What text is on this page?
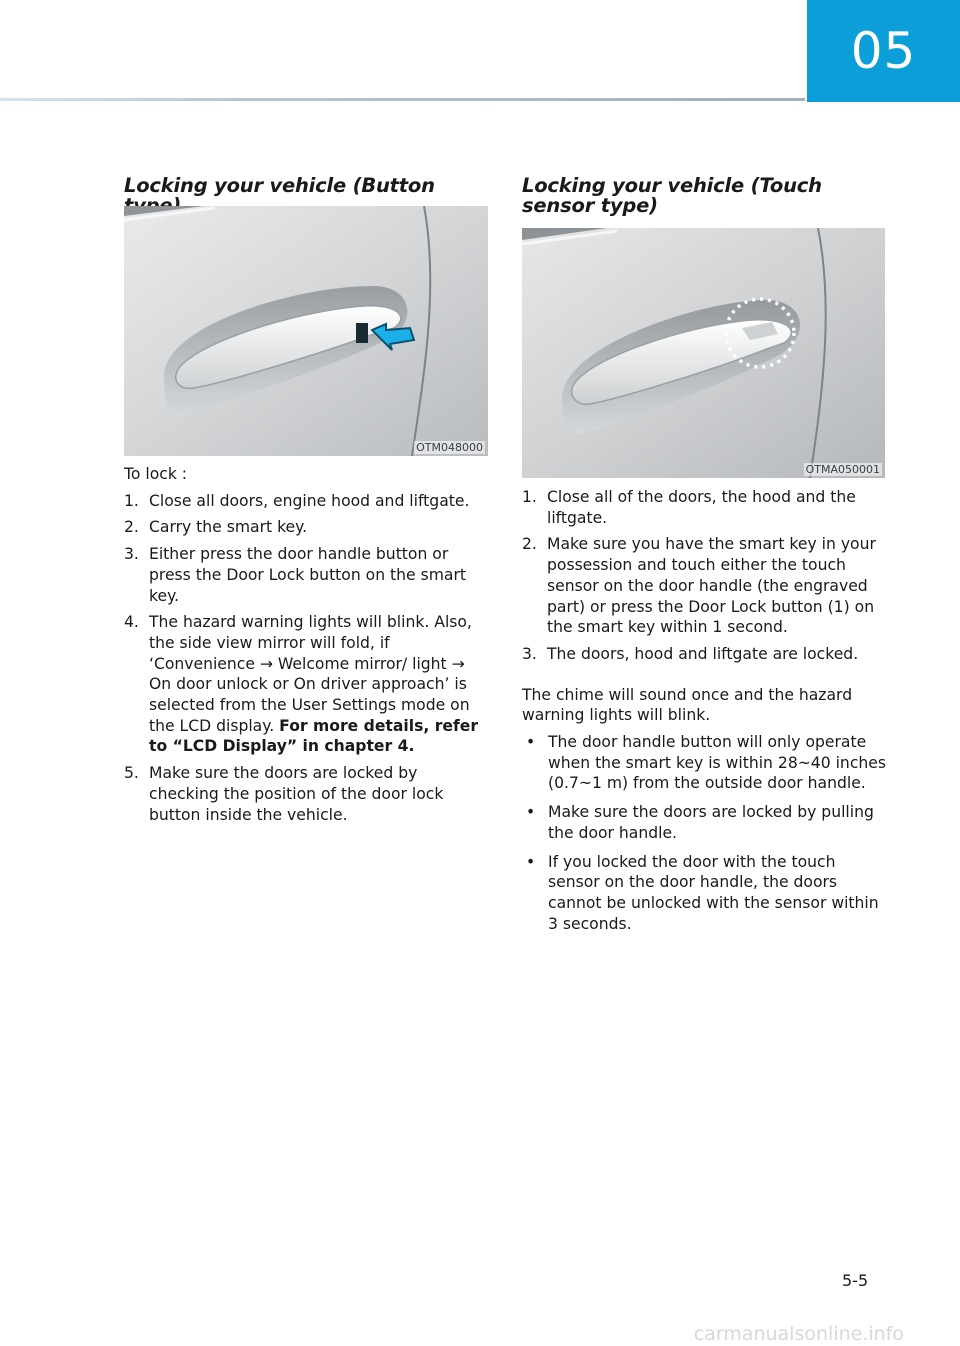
05
Locking your vehicle (Button
OTM048000

To lock :

1. Close all doors, engine hood and liftgate.
2. Carry the smart key.
3. Either press the door handle button or press the Door Lock button on the smart key.
4. The hazard warning lights will blink. Also, the side view mirror will fold, if ‘Convenience → Welcome mirror/ light → On door unlock or On driver approach’ is selected from the User Settings mode on the LCD display. For more details, refer to “LCD Display” in chapter 4.
5. Make sure the doors are locked by checking the position of the door lock button inside the vehicle.
Locking your vehicle (Touch sensor type)
OTMA050001
1. Close all of the doors, the hood and the liftgate.
2. Make sure you have the smart key in your possession and touch either the touch sensor on the door handle (the engraved part) or press the Door Lock button (1) on the smart key within 1 second.
3. The doors, hood and liftgate are locked.

The chime will sound once and the hazard warning lights will blink.

• The door handle button will only operate when the smart key is within 28~40 inches (0.7~1 m) from the outside door handle.
• Make sure the doors are locked by pulling the door handle.
• If you locked the door with the touch sensor on the door handle, the doors cannot be unlocked with the sensor within 3 seconds.
5-5
carmanualsonline.info
